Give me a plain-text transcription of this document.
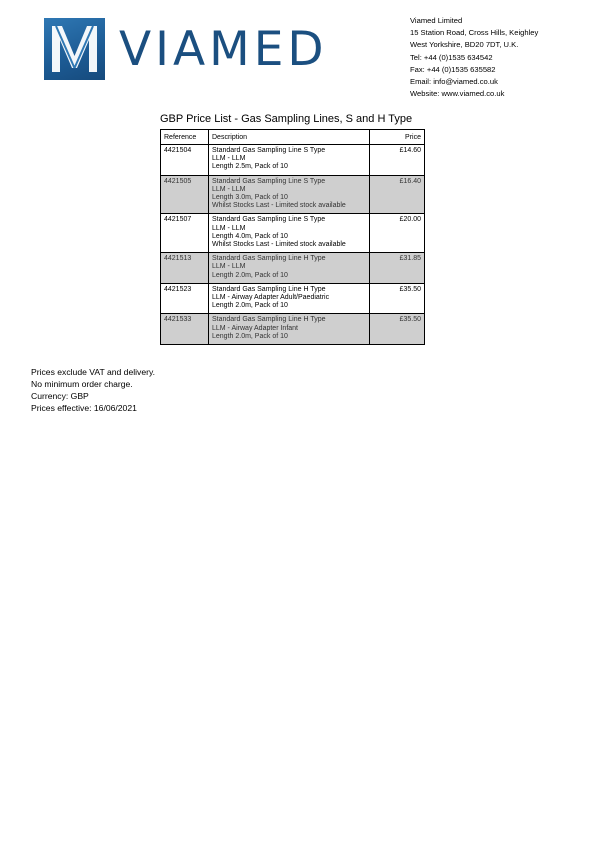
VIAMED
Viamed Limited
15 Station Road, Cross Hills, Keighley
West Yorkshire, BD20 7DT, U.K.
Tel: +44 (0)1535 634542
Fax: +44 (0)1535 635582
Email: info@viamed.co.uk
Website: www.viamed.co.uk
GBP Price List - Gas Sampling Lines, S and H Type
Reference	Description	Price
4421504	Standard Gas Sampling Line S Type
LLM - LLM
Length 2.5m, Pack of 10	£14.60
4421505	Standard Gas Sampling Line S Type
LLM - LLM
Length 3.0m, Pack of 10
Whilst Stocks Last - Limited stock available	£16.40
4421507	Standard Gas Sampling Line S Type
LLM - LLM
Length 4.0m, Pack of 10
Whilst Stocks Last - Limited stock available	£20.00
4421513	Standard Gas Sampling Line H Type
LLM - LLM
Length 2.0m, Pack of 10	£31.85
4421523	Standard Gas Sampling Line H Type
LLM - Airway Adapter Adult/Paediatric
Length 2.0m, Pack of 10	£35.50
4421533	Standard Gas Sampling Line H Type
LLM - Airway Adapter Infant
Length 2.0m, Pack of 10	£35.50
Prices exclude VAT and delivery.
No minimum order charge.
Currency: GBP
Prices effective: 16/06/2021
